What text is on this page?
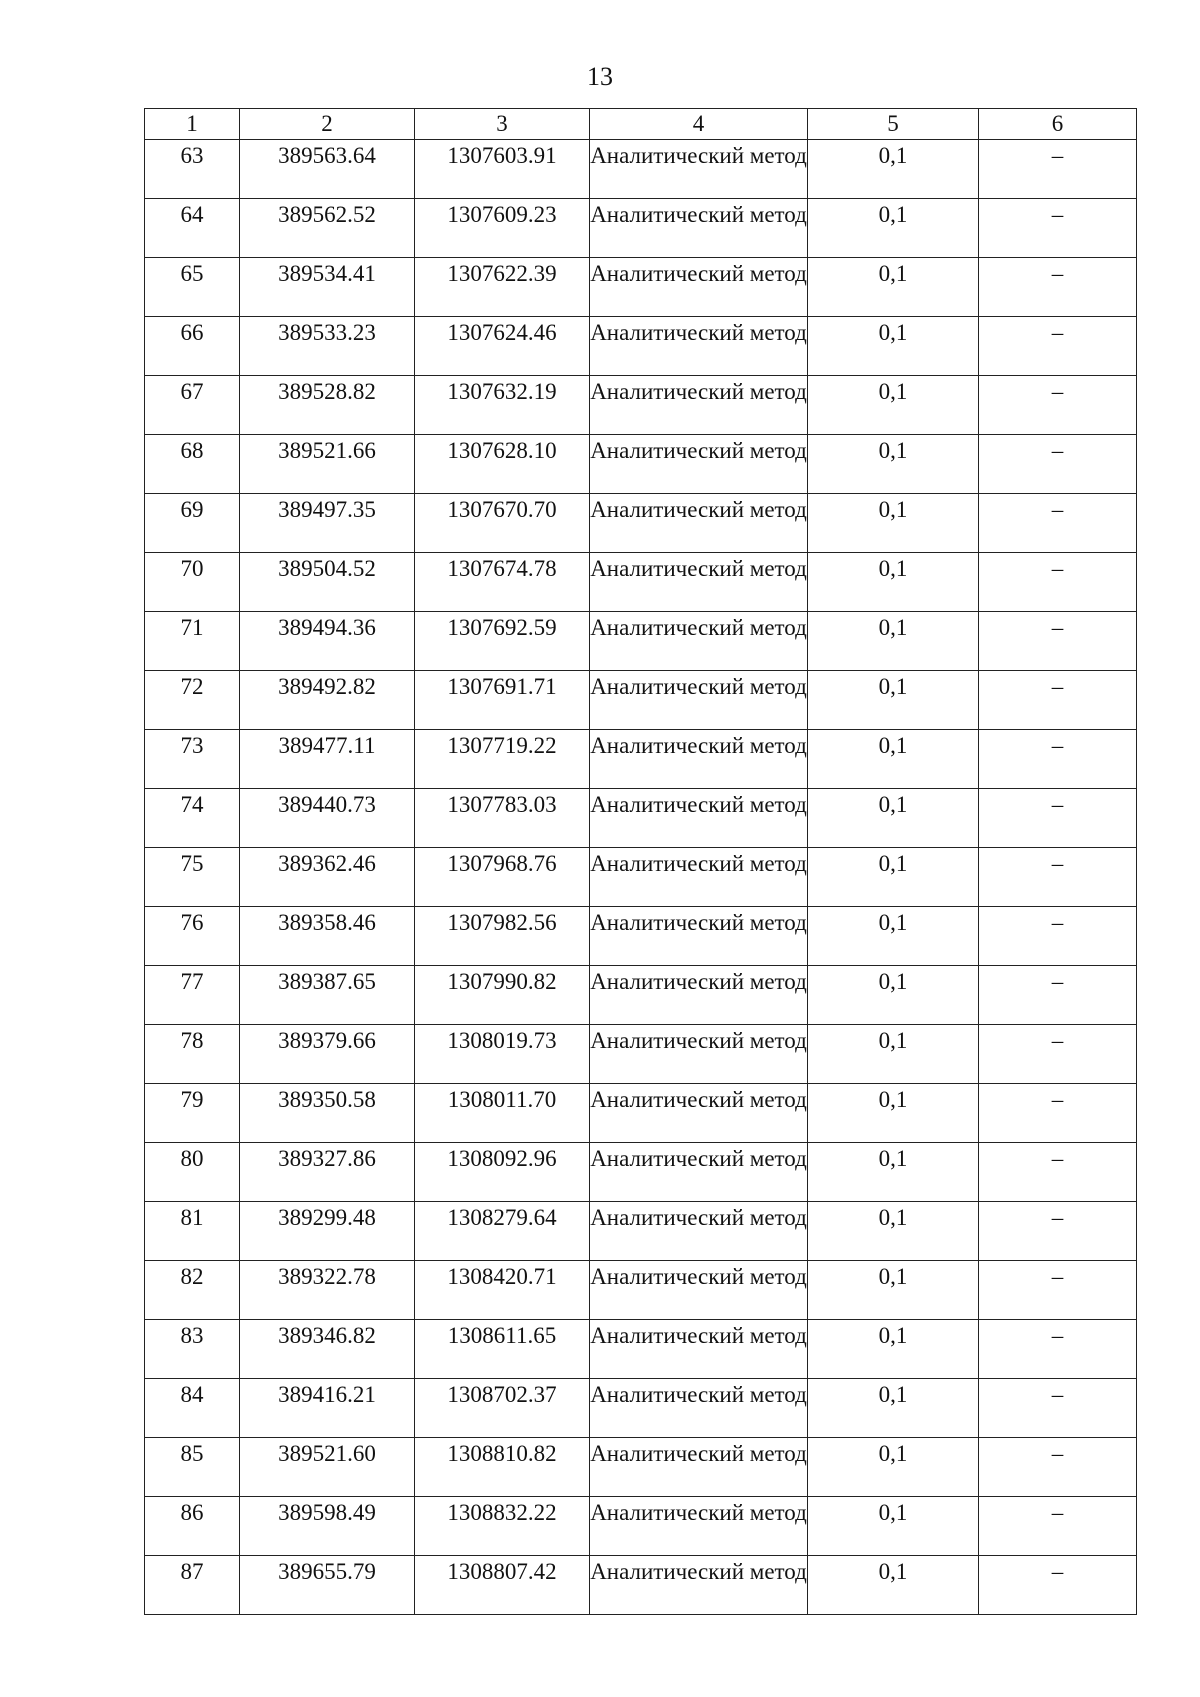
13
1	2	3	4	5	6
63	389563.64	1307603.91	Аналитический метод	0,1	–
64	389562.52	1307609.23	Аналитический метод	0,1	–
65	389534.41	1307622.39	Аналитический метод	0,1	–
66	389533.23	1307624.46	Аналитический метод	0,1	–
67	389528.82	1307632.19	Аналитический метод	0,1	–
68	389521.66	1307628.10	Аналитический метод	0,1	–
69	389497.35	1307670.70	Аналитический метод	0,1	–
70	389504.52	1307674.78	Аналитический метод	0,1	–
71	389494.36	1307692.59	Аналитический метод	0,1	–
72	389492.82	1307691.71	Аналитический метод	0,1	–
73	389477.11	1307719.22	Аналитический метод	0,1	–
74	389440.73	1307783.03	Аналитический метод	0,1	–
75	389362.46	1307968.76	Аналитический метод	0,1	–
76	389358.46	1307982.56	Аналитический метод	0,1	–
77	389387.65	1307990.82	Аналитический метод	0,1	–
78	389379.66	1308019.73	Аналитический метод	0,1	–
79	389350.58	1308011.70	Аналитический метод	0,1	–
80	389327.86	1308092.96	Аналитический метод	0,1	–
81	389299.48	1308279.64	Аналитический метод	0,1	–
82	389322.78	1308420.71	Аналитический метод	0,1	–
83	389346.82	1308611.65	Аналитический метод	0,1	–
84	389416.21	1308702.37	Аналитический метод	0,1	–
85	389521.60	1308810.82	Аналитический метод	0,1	–
86	389598.49	1308832.22	Аналитический метод	0,1	–
87	389655.79	1308807.42	Аналитический метод	0,1	–
